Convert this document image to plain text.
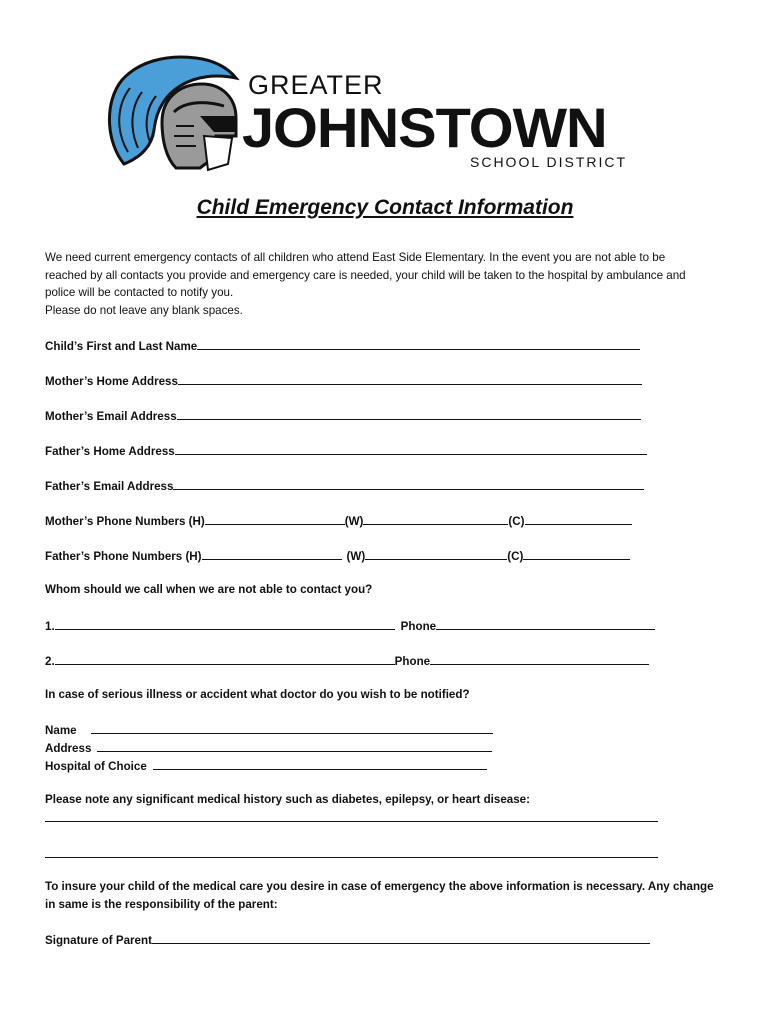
GREATER
JOHNSTOWN
SCHOOL DISTRICT
Child Emergency Contact Information

We need current emergency contacts of all children who attend East Side Elementary. In the event you are not able to be

reached by all contacts you provide and emergency care is needed, your child will be taken to the hospital by ambulance and

police will be contacted to notify you.

Please do not leave any blank spaces.

Child’s First and Last Name
Mother’s Home Address
Mother’s Email Address
Father’s Home Address
Father’s Email Address
Mother’s Phone Numbers (H)	(W)	(C)
Father’s Phone Numbers (H)	(W)	(C)
Whom should we call when we are not able to contact you?
1.	Phone
2.	Phone
In case of serious illness or accident what doctor do you wish to be notified?
Name
Address
Hospital of Choice
Please note any significant medical history such as diabetes, epilepsy, or heart disease:
To insure your child of the medical care you desire in case of emergency the above information is necessary. Any change in same is the responsibility of the parent:
Signature of Parent
